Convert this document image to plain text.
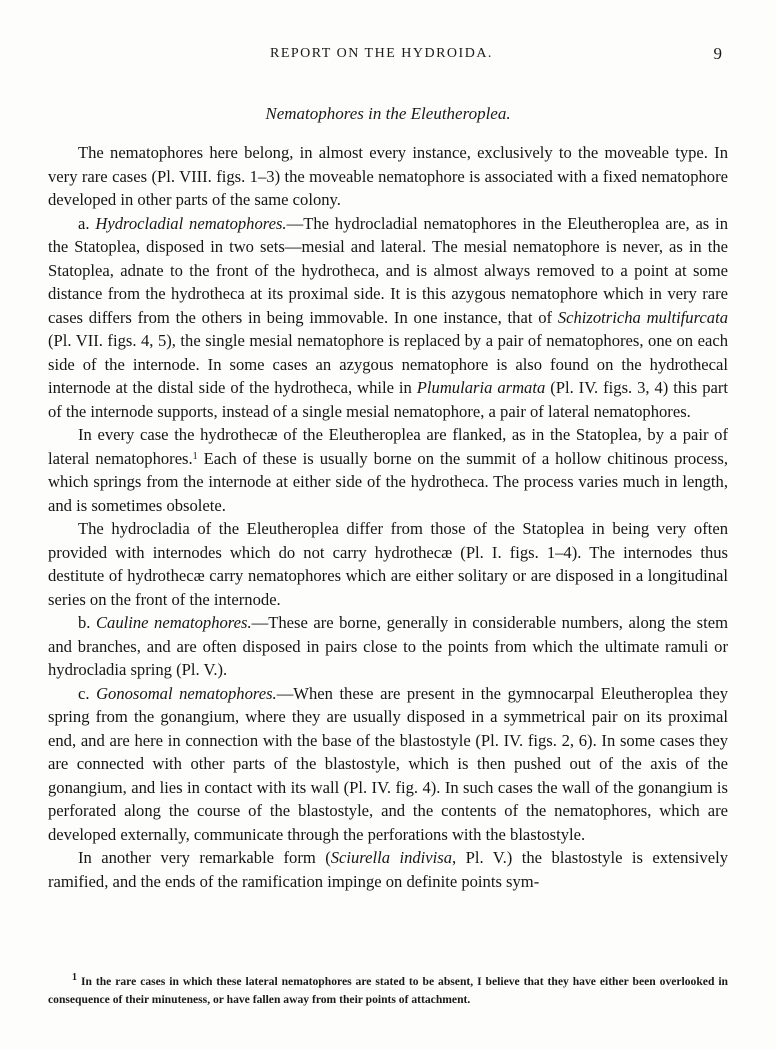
REPORT ON THE HYDROIDA.	9
Nematophores in the Eleutheroplea.

The nematophores here belong, in almost every instance, exclusively to the moveable type. In very rare cases (Pl. VIII. figs. 1–3) the moveable nematophore is associated with a fixed nematophore developed in other parts of the same colony.

a. Hydrocladial nematophores.—The hydrocladial nematophores in the Eleutheroplea are, as in the Statoplea, disposed in two sets—mesial and lateral. The mesial nematophore is never, as in the Statoplea, adnate to the front of the hydrotheca, and is almost always removed to a point at some distance from the hydrotheca at its proximal side. It is this azygous nematophore which in very rare cases differs from the others in being immovable. In one instance, that of Schizotricha multifurcata (Pl. VII. figs. 4, 5), the single mesial nematophore is replaced by a pair of nematophores, one on each side of the internode. In some cases an azygous nematophore is also found on the hydrothecal internode at the distal side of the hydrotheca, while in Plumularia armata (Pl. IV. figs. 3, 4) this part of the internode supports, instead of a single mesial nematophore, a pair of lateral nematophores.

In every case the hydrothecæ of the Eleutheroplea are flanked, as in the Statoplea, by a pair of lateral nematophores.$^1$ Each of these is usually borne on the summit of a hollow chitinous process, which springs from the internode at either side of the hydrotheca. The process varies much in length, and is sometimes obsolete.

The hydrocladia of the Eleutheroplea differ from those of the Statoplea in being very often provided with internodes which do not carry hydrothecæ (Pl. I. figs. 1–4). The internodes thus destitute of hydrothecæ carry nematophores which are either solitary or are disposed in a longitudinal series on the front of the internode.

b. Cauline nematophores.—These are borne, generally in considerable numbers, along the stem and branches, and are often disposed in pairs close to the points from which the ultimate ramuli or hydrocladia spring (Pl. V.).

c. Gonosomal nematophores.—When these are present in the gymnocarpal Eleutheroplea they spring from the gonangium, where they are usually disposed in a symmetrical pair on its proximal end, and are here in connection with the base of the blastostyle (Pl. IV. figs. 2, 6). In some cases they are connected with other parts of the blastostyle, which is then pushed out of the axis of the gonangium, and lies in contact with its wall (Pl. IV. fig. 4). In such cases the wall of the gonangium is perforated along the course of the blastostyle, and the contents of the nematophores, which are developed externally, communicate through the perforations with the blastostyle.

In another very remarkable form (Sciurella indivisa, Pl. V.) the blastostyle is extensively ramified, and the ends of the ramification impinge on definite points sym-

$^1$ In the rare cases in which these lateral nematophores are stated to be absent, I believe that they have either been overlooked in consequence of their minuteness, or have fallen away from their points of attachment.
